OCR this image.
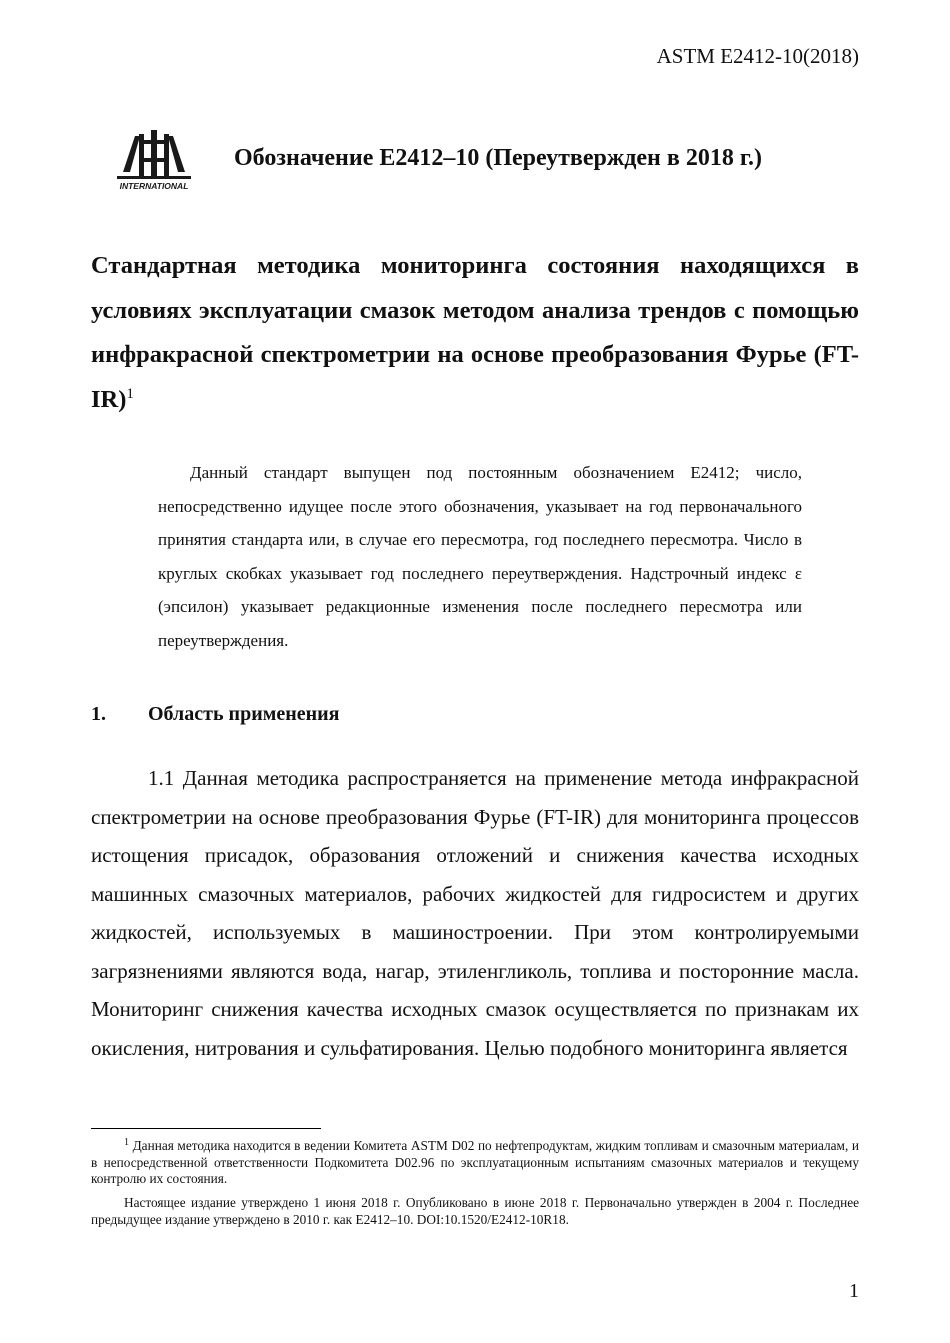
ASTM E2412-10(2018)
INTERNATIONAL
Обозначение E2412–10 (Переутвержден в 2018 г.)
Стандартная методика мониторинга состояния находящихся в условиях эксплуатации смазок методом анализа трендов с помощью инфракрасной спектрометрии на основе преобразования Фурье $(FT-IR)^1$
Данный стандарт выпущен под постоянным обозначением E2412; число, непосредственно идущее после этого обозначения, указывает на год первоначального принятия стандарта или, в случае его пересмотра, год последнего пересмотра. Число в круглых скобках указывает год последнего переутверждения. Надстрочный индекс ε (эпсилон) указывает редакционные изменения после последнего пересмотра или переутверждения.
1. Область применения
1.1 Данная методика распространяется на применение метода инфракрасной спектрометрии на основе преобразования Фурье (FT-IR) для мониторинга процессов истощения присадок, образования отложений и снижения качества исходных машинных смазочных материалов, рабочих жидкостей для гидросистем и других жидкостей, используемых в машиностроении. При этом контролируемыми загрязнениями являются вода, нагар, этиленгликоль, топлива и посторонние масла. Мониторинг снижения качества исходных смазок осуществляется по признакам их окисления, нитрования и сульфатирования. Целью подобного мониторинга является
$^1$ Данная методика находится в ведении Комитета ASTM D02 по нефтепродуктам, жидким топливам и смазочным материалам, и в непосредственной ответственности Подкомитета D02.96 по эксплуатационным испытаниям смазочных материалов и текущему контролю их состояния.
Настоящее издание утверждено 1 июня 2018 г. Опубликовано в июне 2018 г. Первоначально утвержден в 2004 г. Последнее предыдущее издание утверждено в 2010 г. как E2412–10. DOI:10.1520/E2412-10R18.
1
